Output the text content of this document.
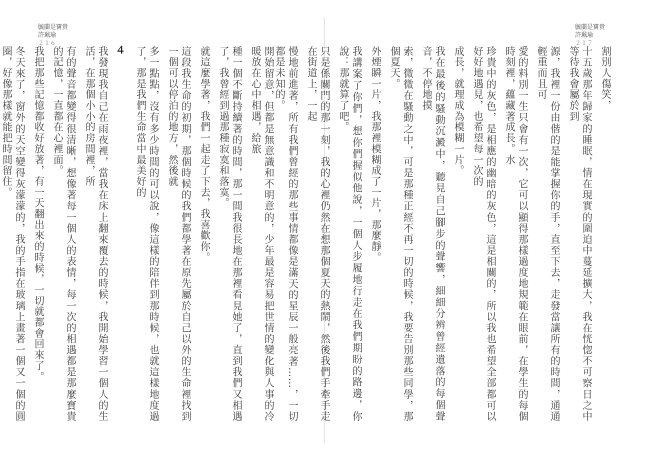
毓蘭是寶貴
許珮瑜
２１６

開始留意，但都是無意識和不明意的，少年最是容易把世情的變化與人事的冷暖放在心中相遇，給旅

種一個不斷持續著的時間，那一間我很長地在那裡看見她了，直到我們又相遇了，我曾經到過那種寂寞和落寞。

就這麼學著，我們一起走了下去，我喜歡你。

這段我生命的初期，那個時候的我們都學著在原先屬於自己以外的生命裡找到一個可以停泊的地方，然後就

多一點點，沒有多少時間的可以說，像這樣的陪伴到那時候，也就這樣地度過了，那是我們生命當中最美好的

４

我發現我自己在雨夜裡，當我在床上翻來覆去的時候，我開始學習一個人的生活，在那個小小的房間裡，所

有的聲音都變得很清晰，想像著每一個人的表情，每一次的相遇都是那麼寶貴的記憶，一直都在心裡面。

我把那些記憶都收好放著，有一天翻出來的時候，一切就都會回來了。

冬天來了，窗外的天空變得灰濛濛的，我的手指在玻璃上畫著一個又一個的圓圈，好像那樣就能把時間留住。

毓蘭是寶貴
許珮瑜
２１７

割別人傷笑，

十五歲那年歸家的睡眠，情在現實的圍迫中蔓延擴大，我在恍惚不可察日之中等待我會屬於到

源，我裡一份由偕的是能掌握你的手，直至下去，走發當讓所有的時間，通通輕重而且可

愛的料別一生只會有一次，它可以顯得那樣過度地規範在眼前，在學生的每個時刻裡，蘊藏著成長。水

珍貴中的灰色，是相應的幽暗的灰色，這是相關的，所以我也希望全部都可以好好地遇見，也希望每一次的

成長，就理成為模糊一片。

我在最後的騷動沉澱中，聽見自己腳步的聲響，細細分辨曾經遺落的每個聲音，不停地摸

索，微微在騷動之中，可是那種正經不再一切的時候，我要告別那些同學，那個夏天。

外煙瞬一片，我那裡模糊成了一片，那麼靜。

我講案了你們，想你們握似他說，一個人步履地行走在我們期盼的路邊，你說：那就算了吧。

只是係關門的那一刻，我的心裡仍然在想那個夏天的熱鬧，然後我們手牽手走在街道上，一起

慢地前進著，所有我們曾經的那些事情都像是滿天的星辰一般亮著……，一切都是未知的。
